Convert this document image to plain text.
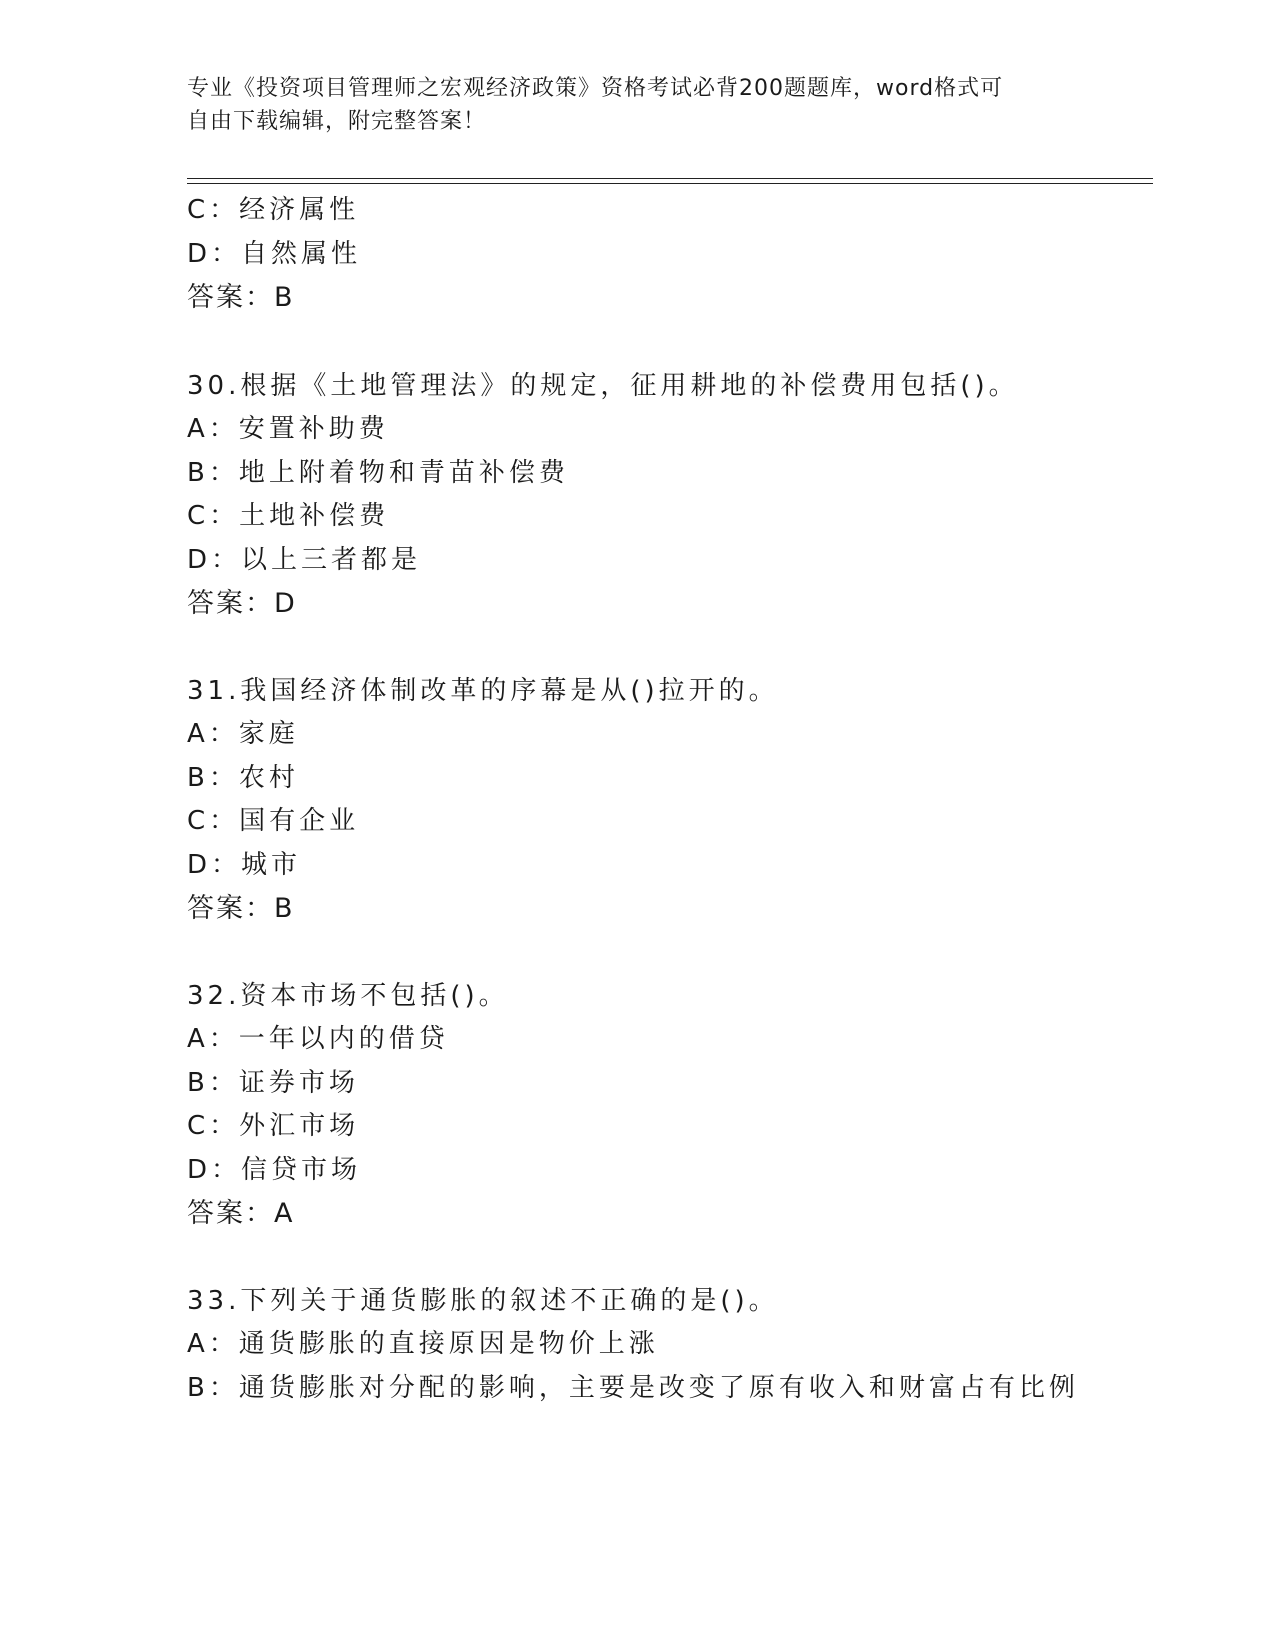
专业《投资项目管理师之宏观经济政策》资格考试必背200题题库，word格式可
自由下载编辑，附完整答案！
C：经济属性
D：自然属性
答案：B
30.根据《土地管理法》的规定，征用耕地的补偿费用包括()。
A：安置补助费
B：地上附着物和青苗补偿费
C：土地补偿费
D：以上三者都是
答案：D
31.我国经济体制改革的序幕是从()拉开的。
A：家庭
B：农村
C：国有企业
D：城市
答案：B
32.资本市场不包括()。
A：一年以内的借贷
B：证券市场
C：外汇市场
D：信贷市场
答案：A
33.下列关于通货膨胀的叙述不正确的是()。
A：通货膨胀的直接原因是物价上涨
B：通货膨胀对分配的影响，主要是改变了原有收入和财富占有比例
